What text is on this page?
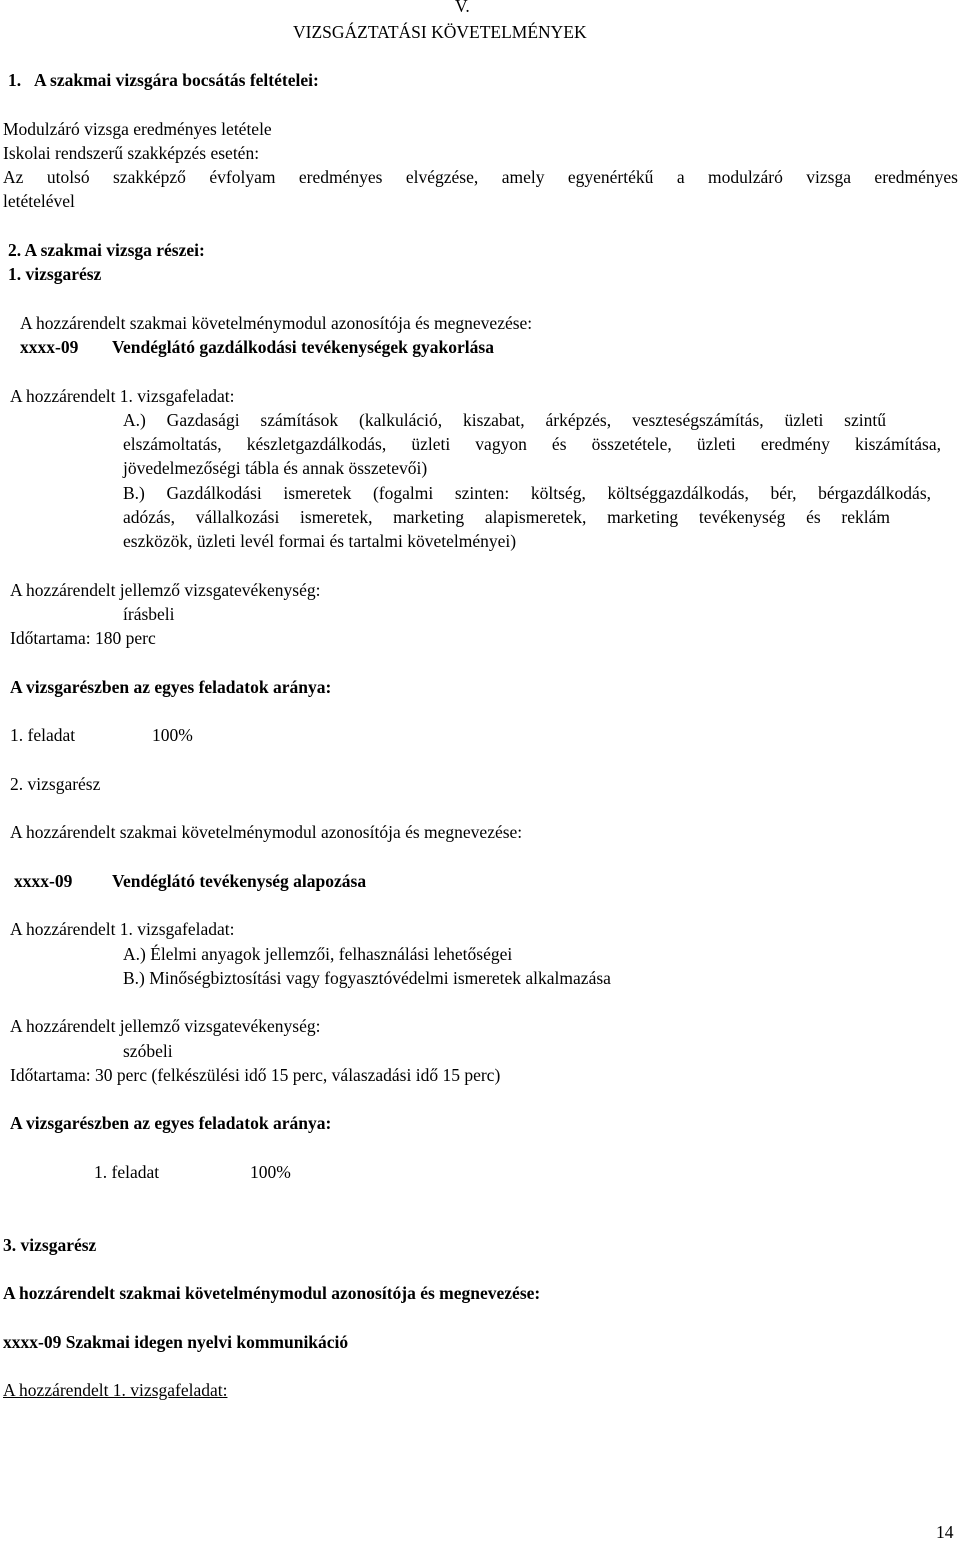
V.
VIZSGÁZTATÁSI KÖVETELMÉNYEK
1. A szakmai vizsgára bocsátás feltételei:
Modulzáró vizsga eredményes letétele
Iskolai rendszerű szakképzés esetén:
Az utolsó szakképző évfolyam eredményes elvégzése, amely egyenértékű a modulzáró vizsga eredményes
letételével
2. A szakmai vizsga részei:
1. vizsgarész
A hozzárendelt szakmai követelménymodul azonosítója és megnevezése:
xxxx-09 Vendéglátó gazdálkodási tevékenységek gyakorlása
A hozzárendelt 1. vizsgafeladat:
A.) Gazdasági számítások (kalkuláció, kiszabat, árképzés, veszteségszámítás, üzleti szintű
elszámoltatás, készletgazdálkodás, üzleti vagyon és összetétele, üzleti eredmény kiszámítása,
jövedelmezőségi tábla és annak összetevői)
B.) Gazdálkodási ismeretek (fogalmi szinten: költség, költséggazdálkodás, bér, bérgazdálkodás,
adózás, vállalkozási ismeretek, marketing alapismeretek, marketing tevékenység és reklám
eszközök, üzleti levél formai és tartalmi követelményei)
A hozzárendelt jellemző vizsgatevékenység:
írásbeli
Időtartama: 180 perc
A vizsgarészben az egyes feladatok aránya:
1. feladat	100%
2. vizsgarész
A hozzárendelt szakmai követelménymodul azonosítója és megnevezése:
xxxx-09 Vendéglátó tevékenység alapozása
A hozzárendelt 1. vizsgafeladat:
A.) Élelmi anyagok jellemzői, felhasználási lehetőségei
B.) Minőségbiztosítási vagy fogyasztóvédelmi ismeretek alkalmazása
A hozzárendelt jellemző vizsgatevékenység:
szóbeli
Időtartama: 30 perc (felkészülési idő 15 perc, válaszadási idő 15 perc)
A vizsgarészben az egyes feladatok aránya:
1. feladat	100%
3. vizsgarész
A hozzárendelt szakmai követelménymodul azonosítója és megnevezése:
xxxx-09 Szakmai idegen nyelvi kommunikáció
A hozzárendelt 1. vizsgafeladat:
14
